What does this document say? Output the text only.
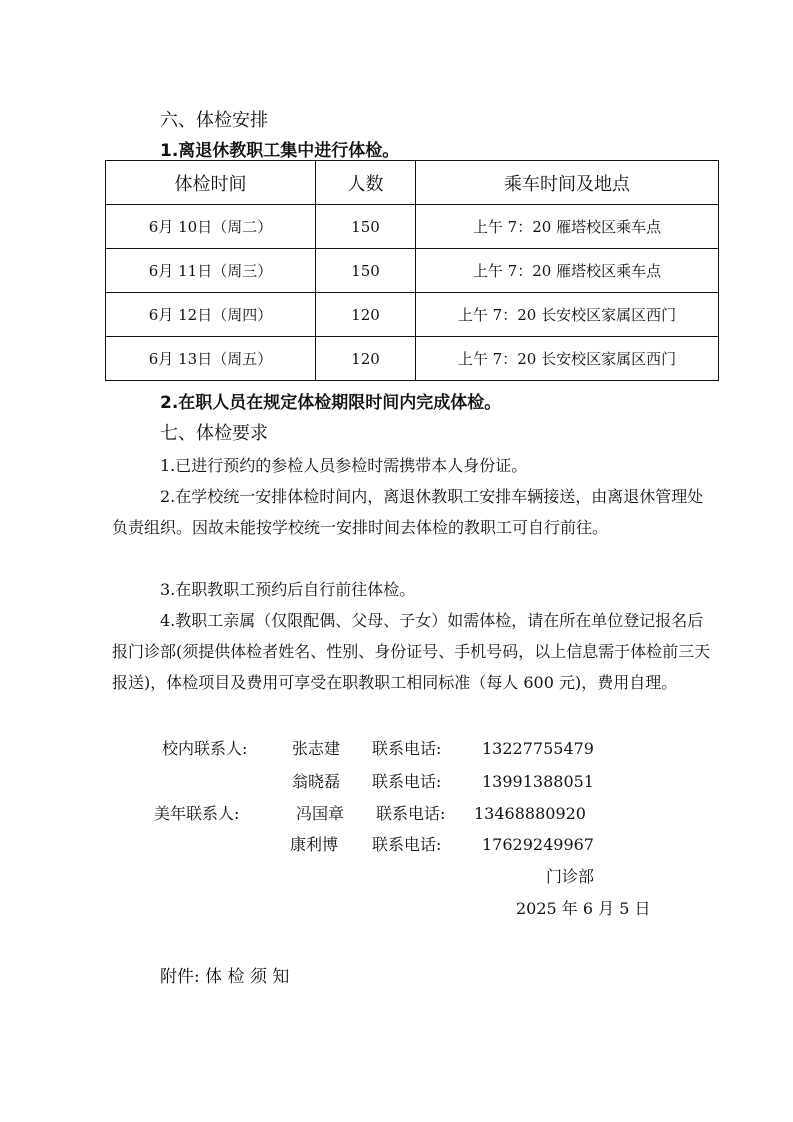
六、体检安排
1.离退休教职工集中进行体检。
体检时间	人数	乘车时间及地点
6月 10日（周二）	150	上午 7：20 雁塔校区乘车点
6月 11日（周三）	150	上午 7：20 雁塔校区乘车点
6月 12日（周四）	120	上午 7：20 长安校区家属区西门
6月 13日（周五）	120	上午 7：20 长安校区家属区西门
2.在职人员在规定体检期限时间内完成体检。
七、体检要求
1.已进行预约的参检人员参检时需携带本人身份证。
2.在学校统一安排体检时间内，离退休教职工安排车辆接送，由离退休管理处负责组织。因故未能按学校统一安排时间去体检的教职工可自行前往。
3.在职教职工预约后自行前往体检。
4.教职工亲属（仅限配偶、父母、子女）如需体检，请在所在单位登记报名后报门诊部(须提供体检者姓名、性别、身份证号、手机号码，以上信息需于体检前三天报送)，体检项目及费用可享受在职教职工相同标准（每人 600 元)，费用自理。
校内联系人:	张志建 联系电话:	13227755479
翁晓磊 联系电话:	13991388051
美年联系人:	冯国章 联系电话: 13468880920
康利博 联系电话:	17629249967
门诊部
2025 年 6 月 5 日
附件: 体 检 须 知
